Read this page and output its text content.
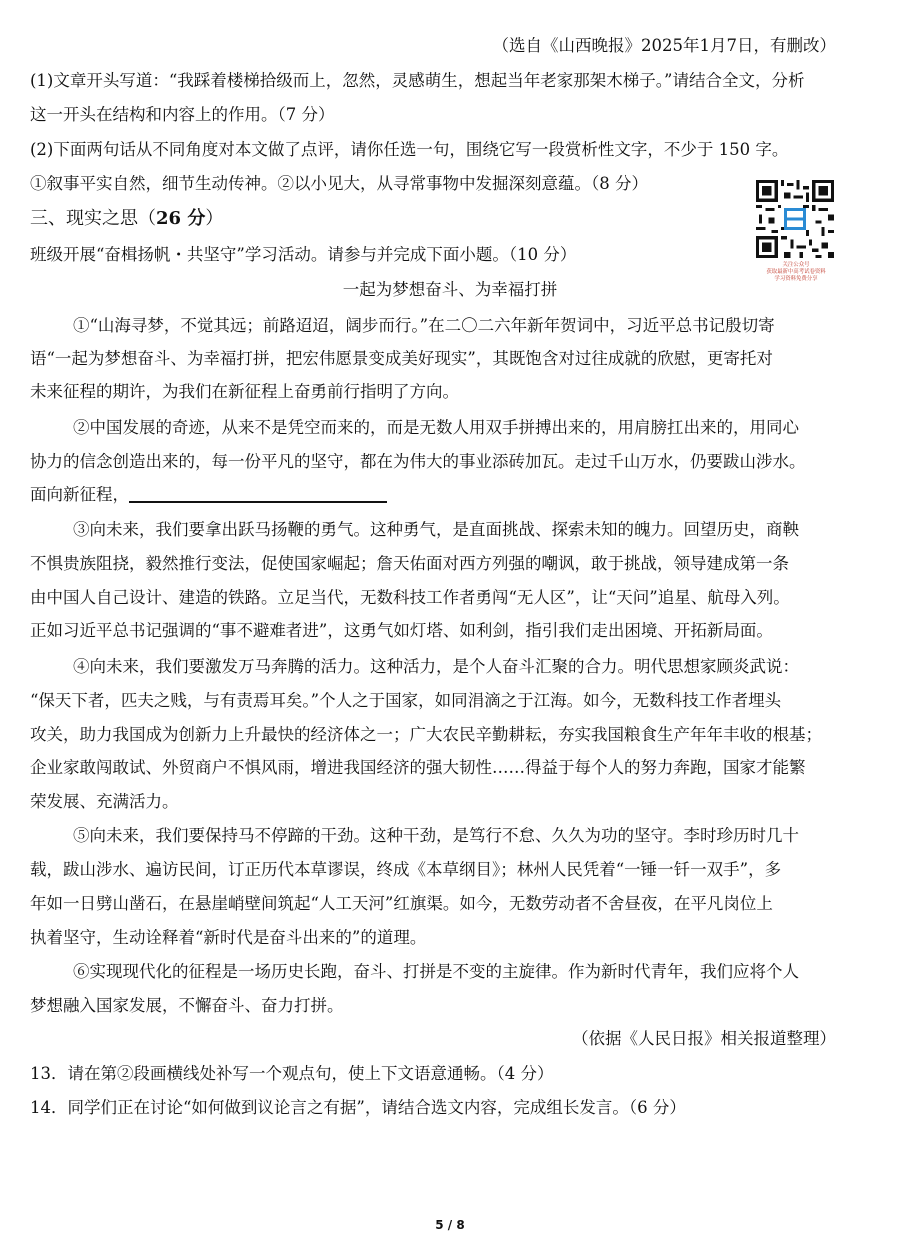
（选自《山西晚报》2025年1月7日，有删改）
(1)文章开头写道：“我踩着楼梯拾级而上，忽然，灵感萌生，想起当年老家那架木梯子。”请结合全文，分析
这一开头在结构和内容上的作用。（7 分）
(2)下面两句话从不同角度对本文做了点评，请你任选一句，围绕它写一段赏析性文字，不少于 150 字。
①叙事平实自然，细节生动传神。②以小见大，从寻常事物中发掘深刻意蕴。（8 分）
三、现实之思（26 分）
班级开展“奋楫扬帆・共坚守”学习活动。请参与并完成下面小题。（10 分）
关注公众号
获取最新中高考试卷资料
学习资料免费分享
一起为梦想奋斗、为幸福打拼
①“山海寻梦，不觉其远；前路迢迢，阔步而行。”在二〇二六年新年贺词中，习近平总书记殷切寄
语“一起为梦想奋斗、为幸福打拼，把宏伟愿景变成美好现实”，其既饱含对过往成就的欣慰，更寄托对
未来征程的期许，为我们在新征程上奋勇前行指明了方向。
②中国发展的奇迹，从来不是凭空而来的，而是无数人用双手拼搏出来的，用肩膀扛出来的，用同心
协力的信念创造出来的，每一份平凡的坚守，都在为伟大的事业添砖加瓦。走过千山万水，仍要跋山涉水。
面向新征程，
③向未来，我们要拿出跃马扬鞭的勇气。这种勇气，是直面挑战、探索未知的魄力。回望历史，商鞅
不惧贵族阻挠，毅然推行变法，促使国家崛起；詹天佑面对西方列强的嘲讽，敢于挑战，领导建成第一条
由中国人自己设计、建造的铁路。立足当代，无数科技工作者勇闯“无人区”，让“天问”追星、航母入列。
正如习近平总书记强调的“事不避难者进”，这勇气如灯塔、如利剑，指引我们走出困境、开拓新局面。
④向未来，我们要激发万马奔腾的活力。这种活力，是个人奋斗汇聚的合力。明代思想家顾炎武说：
“保天下者，匹夫之贱，与有责焉耳矣。”个人之于国家，如同涓滴之于江海。如今，无数科技工作者埋头
攻关，助力我国成为创新力上升最快的经济体之一；广大农民辛勤耕耘，夯实我国粮食生产年年丰收的根基；
企业家敢闯敢试、外贸商户不惧风雨，增进我国经济的强大韧性……得益于每个人的努力奔跑，国家才能繁
荣发展、充满活力。
⑤向未来，我们要保持马不停蹄的干劲。这种干劲，是笃行不怠、久久为功的坚守。李时珍历时几十
载，跋山涉水、遍访民间，订正历代本草谬误，终成《本草纲目》；林州人民凭着“一锤一钎一双手”，多
年如一日劈山凿石，在悬崖峭壁间筑起“人工天河”红旗渠。如今，无数劳动者不舍昼夜，在平凡岗位上
执着坚守，生动诠释着“新时代是奋斗出来的”的道理。
⑥实现现代化的征程是一场历史长跑，奋斗、打拼是不变的主旋律。作为新时代青年，我们应将个人
梦想融入国家发展，不懈奋斗、奋力打拼。
（依据《人民日报》相关报道整理）
13．请在第②段画横线处补写一个观点句，使上下文语意通畅。（4 分）
14．同学们正在讨论“如何做到议论言之有据”，请结合选文内容，完成组长发言。（6 分）
5 / 8
